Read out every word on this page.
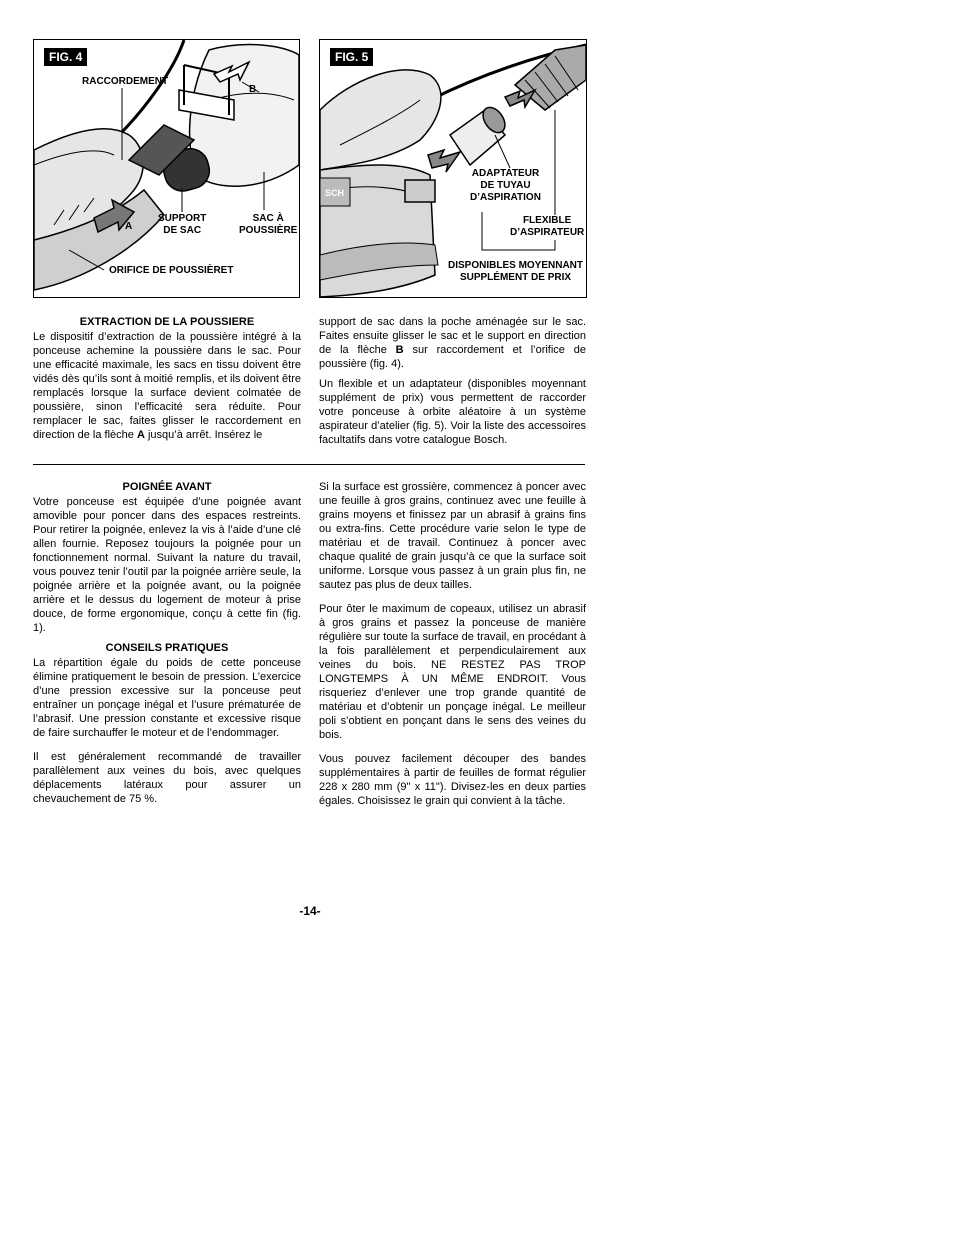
FIG. 4
RACCORDEMENT
B
A
SUPPORT
DE SAC
SAC À
POUSSIÈRE
ORIFICE DE POUSSIÈRET
FIG. 5
SCH
ADAPTATEUR
DE TUYAU
D’ASPIRATION
FLEXIBLE
D’ASPIRATEUR
DISPONIBLES MOYENNANT
SUPPLÉMENT DE PRIX
EXTRACTION DE LA POUSSIERE

Le dispositif d’extraction de la poussière intégré à la ponceuse achemine la poussière dans le sac. Pour une efficacité maximale, les sacs en tissu doivent être vidés dès qu’ils sont à moitié remplis, et ils doivent être remplacés lorsque la surface devient colmatée de poussière, sinon l’efficacité sera réduite. Pour remplacer le sac, faites glisser le raccordement en direction de la flèche A jusqu’à arrêt. Insérez le

support de sac dans la poche aménagée sur le sac. Faites ensuite glisser le sac et le support en direction de la flèche B sur raccordement et l’orifice de poussière (fig. 4).

Un flexible et un adaptateur (disponibles moyennant supplément de prix) vous permettent de raccorder votre ponceuse à orbite aléatoire à un système aspirateur d’atelier (fig. 5). Voir la liste des accessoires facultatifs dans votre catalogue Bosch.

POIGNÉE AVANT

Votre ponceuse est équipée d’une poignée avant amovible pour poncer dans des espaces restreints. Pour retirer la poignée, enlevez la vis à l’aide d’une clé allen fournie. Reposez toujours la poignée pour un fonctionnement normal. Suivant la nature du travail, vous pouvez tenir l’outil par la poignée arrière seule, la poignée arrière et la poignée avant, ou la poignée arrière et le dessus du logement de moteur à prise douce, de forme ergonomique, conçu à cette fin (fig. 1).

CONSEILS PRATIQUES

La répartition égale du poids de cette ponceuse élimine pratiquement le besoin de pression. L’exercice d’une pression excessive sur la ponceuse peut entraîner un ponçage inégal et l’usure prématurée de l’abrasif. Une pression constante et excessive risque de faire surchauffer le moteur et de l’endommager.

Il est généralement recommandé de travailler parallèlement aux veines du bois, avec quelques déplacements latéraux pour assurer un chevauchement de 75 %.

Si la surface est grossière, commencez à poncer avec une feuille à gros grains, continuez avec une feuille à grains moyens et finissez par un abrasif à grains fins ou extra-fins. Cette procédure varie selon le type de matériau et de travail. Continuez à poncer avec chaque qualité de grain jusqu’à ce que la surface soit uniforme. Lorsque vous passez à un grain plus fin, ne sautez pas plus de deux tailles.

Pour ôter le maximum de copeaux, utilisez un abrasif à gros grains et passez la ponceuse de manière régulière sur toute la surface de travail, en procédant à la fois parallèlement et perpendiculairement aux veines du bois. NE RESTEZ PAS TROP LONGTEMPS À UN MÊME ENDROIT. Vous risqueriez d’enlever une trop grande quantité de matériau et d’obtenir un ponçage inégal. Le meilleur poli s’obtient en ponçant dans le sens des veines du bois.

Vous pouvez facilement découper des bandes supplémentaires à partir de feuilles de format régulier 228 x 280 mm (9" x 11"). Divisez-les en deux parties égales. Choisissez le grain qui convient à la tâche.

-14-
